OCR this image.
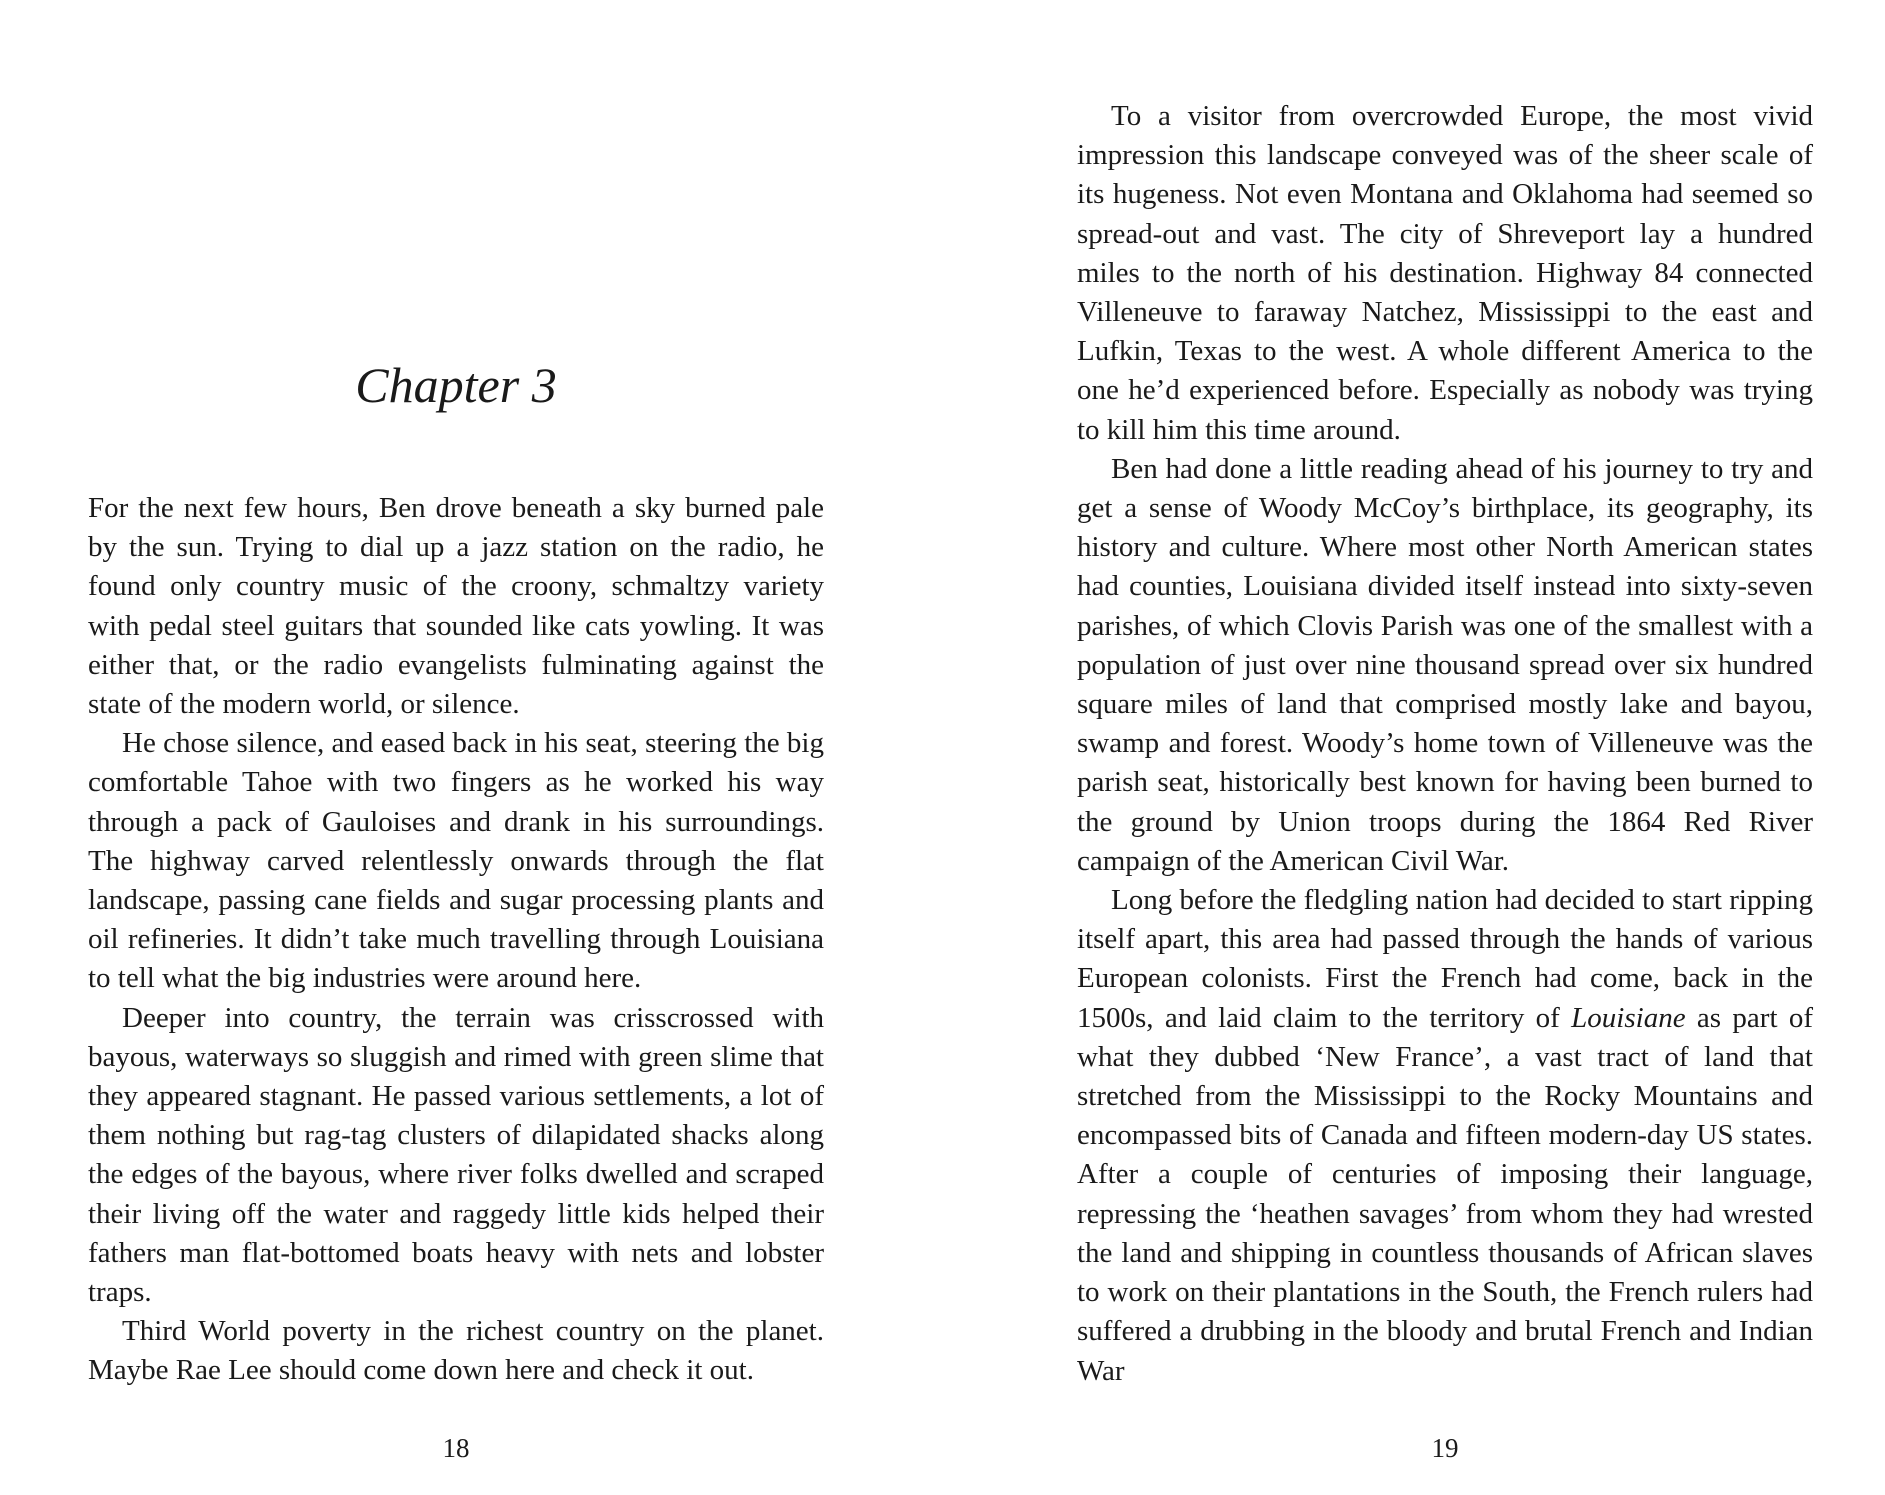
Chapter 3

For the next few hours, Ben drove beneath a sky burned pale by the sun. Trying to dial up a jazz station on the radio, he found only country music of the croony, schmaltzy variety with pedal steel guitars that sounded like cats yowling. It was either that, or the radio evangelists fulminating against the state of the modern world, or silence.

He chose silence, and eased back in his seat, steering the big comfortable Tahoe with two fingers as he worked his way through a pack of Gauloises and drank in his surroundings. The highway carved relentlessly onwards through the flat landscape, passing cane fields and sugar processing plants and oil refineries. It didn’t take much travelling through Louisiana to tell what the big industries were around here.

Deeper into country, the terrain was crisscrossed with bayous, waterways so sluggish and rimed with green slime that they appeared stagnant. He passed various settlements, a lot of them nothing but rag-tag clusters of dilapidated shacks along the edges of the bayous, where river folks dwelled and scraped their living off the water and raggedy little kids helped their fathers man flat-bottomed boats heavy with nets and lobster traps.

Third World poverty in the richest country on the planet. Maybe Rae Lee should come down here and check it out.

18

To a visitor from overcrowded Europe, the most vivid impression this landscape conveyed was of the sheer scale of its hugeness. Not even Montana and Oklahoma had seemed so spread-out and vast. The city of Shreveport lay a hundred miles to the north of his destination. Highway 84 connected Villeneuve to faraway Natchez, Mississippi to the east and Lufkin, Texas to the west. A whole different America to the one he’d experienced before. Especially as nobody was trying to kill him this time around.

Ben had done a little reading ahead of his journey to try and get a sense of Woody McCoy’s birthplace, its geography, its history and culture. Where most other North American states had counties, Louisiana divided itself instead into sixty-seven parishes, of which Clovis Parish was one of the smallest with a population of just over nine thousand spread over six hundred square miles of land that comprised mostly lake and bayou, swamp and forest. Woody’s home town of Villeneuve was the parish seat, historically best known for having been burned to the ground by Union troops during the 1864 Red River campaign of the American Civil War.

Long before the fledgling nation had decided to start ripping itself apart, this area had passed through the hands of various European colonists. First the French had come, back in the 1500s, and laid claim to the territory of Louisiane as part of what they dubbed ‘New France’, a vast tract of land that stretched from the Mississippi to the Rocky Mountains and encompassed bits of Canada and fifteen modern-day US states. After a couple of centuries of imposing their language, repressing the ‘heathen savages’ from whom they had wrested the land and shipping in countless thousands of African slaves to work on their plantations in the South, the French rulers had suffered a drubbing in the bloody and brutal French and Indian War

19
